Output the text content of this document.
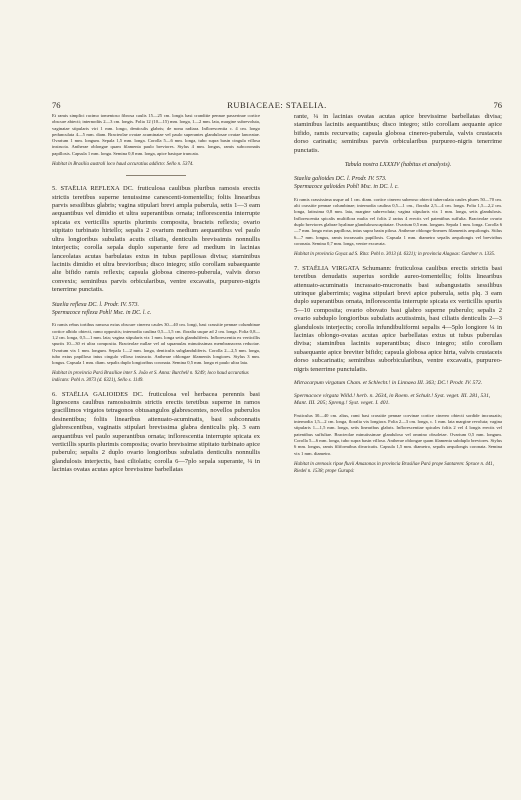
76	RUBIACEAE: STAELIA.	76

Et ramis simplici racimo tomentoso fibrosa caulis 15—25 cm. longis basi cranditie pennae passerinae cortice obscure abiecti; internodiis 2—3 cm. longis. Folia 12 (10—15) mm. longa, 1—2 mm. lata, margine subrevoluta, vaginatae stipularis viri 1 mm. longo, denticulis glabris; de nonu radiara. Inflorescentia c. 4 cm. longo pedunculata 4—5 mm. diam. Bracteolae ovatae acuminatae vel paulo superantes glandulosae ovatae lanceatae. Ovarium 1 mm. longum. Sepala 1,5 mm. longa. Corolla 5—6 mm. longa, tubo supra basin cingula villosa instructa. Antherae oblongae quam filamenta paulo breviores. Stylus 4 mm. longus, ramis subcoronatis papillosis. Capsula 1 mm. longa. Semina 0,8 mm. longa, apice basique truncata.

Habitat in Brasilia australi loco haud accuratius addicto: Sello n. 5374.

5. STAËLIA REFLEXA DC. fruticulosa caulibus pluribus ramosis erectis strictis teretibus superne tenuissime canescenti-tomentellis; foliis linearibus parvis sessilibus glabris; vagina stipulari brevi ampla puberula, setis 1—3 eam aequantibus vel dimidio et ultra superantibus ornata; inflorescentia interrupte spicata ex verticillis spuriis plurimis composita, bracteis reflexis; ovario stipitato turbinato hirtello; sepalis 2 ovarium medium aequantibus vel paulo ultra longioribus subulatis acutis ciliatis, denticulis brevissimis nonnullis interjectis; corolla sepala duplo superante fere ad medium in lacinias lanceolatas acutas barbulatas extus in tubus papillosas divisa; staminibus laciniis dimidio et ultra brevioribus; disco integro; stilo corollam subaequante alte bifido ramis reflexis; capsula globosa cinereo-puberula, valvis dorso convexis; seminibus parvis orbicularibus, ventre excavatis, purpureo-nigris tenerrime punctatis.

Staelia reflexa DC. l. Prodr. IV. 573.

Spermacoce reflexa Pohl! Msc. in DC. l. c.

Et ramis rebus tortibus ramosa extus obscure cinerea caules 30—40 cm. longi, basi crassitie pennae columbinae cortice albido obtecti, ramo oppositis; internodia caulina 0,5—1,5 cm. floralia usque ad 2 cm. longa. Folia 0,8—1,2 cm. longa, 0,5—1 mm. lata; vagina stipularis vix 1 mm. longa setis glanduliferis. Inflorescentia ex verticillis spuriis 10—30 et ultra composita. Bracteolae nullae vel ad squamulas minutissimas membranaceas reductae. Ovarium vix 1 mm. longum. Sepala 1—2 mm. longa, denticulis subglanduliferis. Corolla 2—2,5 mm. longa, tubo extus papilloso intus cingulo villoso instructo. Antherae oblongae filamentis longiores. Stylus 3 mm. longus. Capsula 1 mm. diam. sepalis duplo longioribus coronata. Semina 0,5 mm. longa et paulo ultra lata.

Habitat in provincia Pará Brasiliae inter S. João et S. Anna: Burchell n. 9249; loco haud accuratius indicato: Pohl n. 3073 (d. 6321), Sello s. 1149.

6. STAËLIA GALIOIDES DC. fruticulosa vel herbacea perennis basi lignescens caulibus ramosissimis strictis erectis teretibus superne in ramos gracillimos virgatos tetragonos obtusangulos glabrescentes, novellos puberulos desinentibus; foliis linearibus attenuato-acuminatis, basi subconnatis glabrescentibus, vaginatis stipulari brevissima glabra denticulis plq. 3 eam aequantibus vel paulo superantibus ornata; inflorescentia interrupte spicata ex verticillis spuriis plurimis composita; ovario brevissime stipitato turbinato apice puberulo; sepalis 2 duplo ovario longioribus subulatis denticulis nonnullis glandulosis interjectis, basi ciliolatis; corolla 6—7plo sepala superante, ¼ in lacinias ovatas acutas apice brevissime barbellatas

rante, ¼ in lacinias ovatas acutas apice brevissime barbellatas divisa; staminibus laciniis aequantibus; disco integro; stilo corollam aequante apice bifido, ramis recurvatis; capsula globosa cinereo-puberula, valvis crustaceis dorso carinatis; seminibus parvis orbicularibus purpureo-nigris tenerrime punctatis.

Tabula nostra LXXXIV (habitus et analysis).

Staelia galioides DC. l. Prodr. IV. 573.

Spermacoce galioides Pohl! Msc. in DC. l. c.

Et ramis crassissima usque ad 1 cm. diam. cortice cinereo suberoso obtecti tuberculata caules plures 50—70 cm. alti crassitie pennae columbinae; internodia caulina 0,5—1 cm., floralia 2,5—4 cm. longa. Folia 1,5—2,2 cm. longa, latissima 0,8 mm. lata, margine subrevoluta; vagina stipularis vix 1 mm. longa, setis glandulosis. Inflorescentia spicalis multiflora multa vel foliis 2 rarius 4 erectis vel patentibus suffulta. Bracteolae ovario duplo breviores glabrae hyalinae glandulososcapitatae. Ovarium 0,5 mm. longum. Sepala 1 mm. longa. Corolla 6—7 mm. longa extus papillosa, intus supra basin pilosa. Antherae oblongo-lineares filamentis aequilongis. Stilus 6—7 mm. longus, ramis incrassatis papillosis. Capsula 1 mm. diametro sepalis aequilongis vel breviribus coronata. Semina 0,7 mm. longa, ventre excavata.

Habitat in provincia Goyaz ad S. Rita: Pohl n. 3013 (d. 6321); in provincia Alagoas: Gardner n. 1335.

7. STAËLIA VIRGATA Schumann: fruticulosa caulibus erectis strictis basi teretibus denudatis superius sordide aureo-tomentellis; foliis linearibus attenuato-acuminatis incrassato-mucronatis basi subangustatis sessilibus utrinque glaberrimis; vagina stipulari brevi apice puberula, setis plq. 3 eam duplo superantibus ornata, inflorescentia interrupte spicata ex verticillis spuriis 5—10 composita; ovario obovato basi glabro superne puberulo; sepalis 2 ovario subduplo longioribus subulatis acutissimis, basi ciliatis denticulis 2—3 glandulosis interjectis; corolla infundibuliformi sepalis 4—5plo longiore ¼ in lacinias oblongo-ovatas acutas apice barbellatas extus ut tubus puberulas divisa; staminibus laciniis superantibus; disco integro; stilo corollam subaequante apice breviter bifido; capsula globosa apice hirta, valvis crustaceis dorso subcarinatis; seminibus suborbicularibus, ventre excavatis, purpureo-nigris tenerrime punctulatis.

Mitracarpum virgatum Cham. et Schlecht.! in Linnaea III. 363; DC.! Prodr. IV. 572.

Spermacoce virgata Willd.! herb. n. 2634, in Roem. et Schult.! Syst. veget. III. 281, 531, Mant. III. 205; Spreng.! Syst. veget. I. 401.

Fruticulus 30—40 cm. altus, rami basi crassitie pennae corvinae cortice cinereo obtecti sordide incrassatis; internodia 1,5—2 cm. longa, floralia vix longiora. Folia 2—3 cm. longa, c. 1 mm. lata margine revoluta; vagina stipularis 1—1,5 mm. longa, setis linearibus glabris. Inflorescentiae spicales foliis 2 vel 4 longis erectis vel patentibus suffultae. Bracteolae minutissimae glanduloso vel omnino obsoletae. Ovarium 0,5 mm. longum. Corolla 5—6 mm. longa, tubo supra basin villoso. Antherae oblongae quam filamenta subduplo breviores. Stylus 6 mm. longus, ramis filiformibus divaricatis. Capsula 1,5 mm. diametro, sepalis aequilongis coronata. Semina vix 1 mm. diametro.

Habitat in arenosis ripae fluvii Amazonas in provincia Brasiliae Pará prope Santarem: Spruce n. 441, Riedel n. 1538; prope Gurupá:
